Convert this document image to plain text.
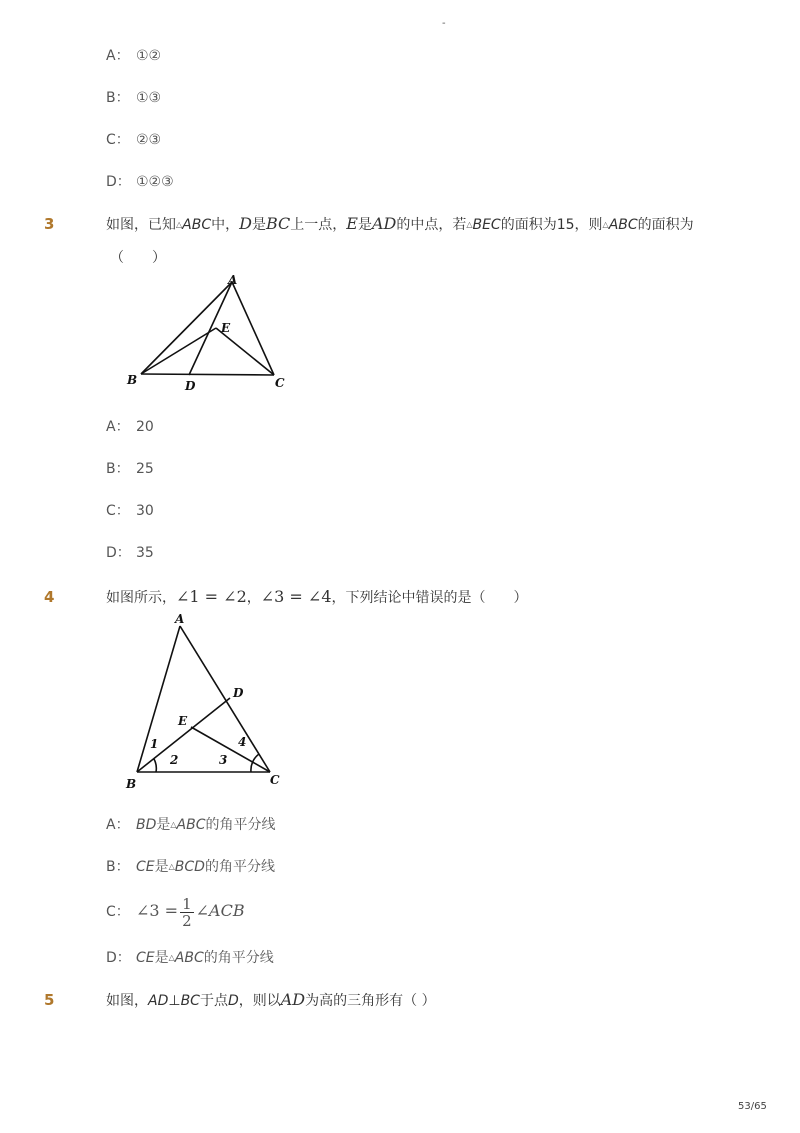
-
A： ①②
B： ①③
C： ②③
D： ①②③
3	如图，已知△ABC中，D是BC上一点，E是AD的中点，若△BEC的面积为15，则△ABC的面积为
（　　）
A
E
B	D	C
A： 20
B： 25
C： 30
D： 35
4	如图所示，∠1 = ∠2，∠3 = ∠4，下列结论中错误的是（　　）
A
D
E
B	C
1
2	3
4
A： BD是△ABC的角平分线
B： CE是△BCD的角平分线
C： ∠3 = $\frac{1}{2}$ ∠ACB
D： CE是△ABC的角平分线
5	如图，AD⊥BC于点D，则以AD为高的三角形有（ ）
53/65
